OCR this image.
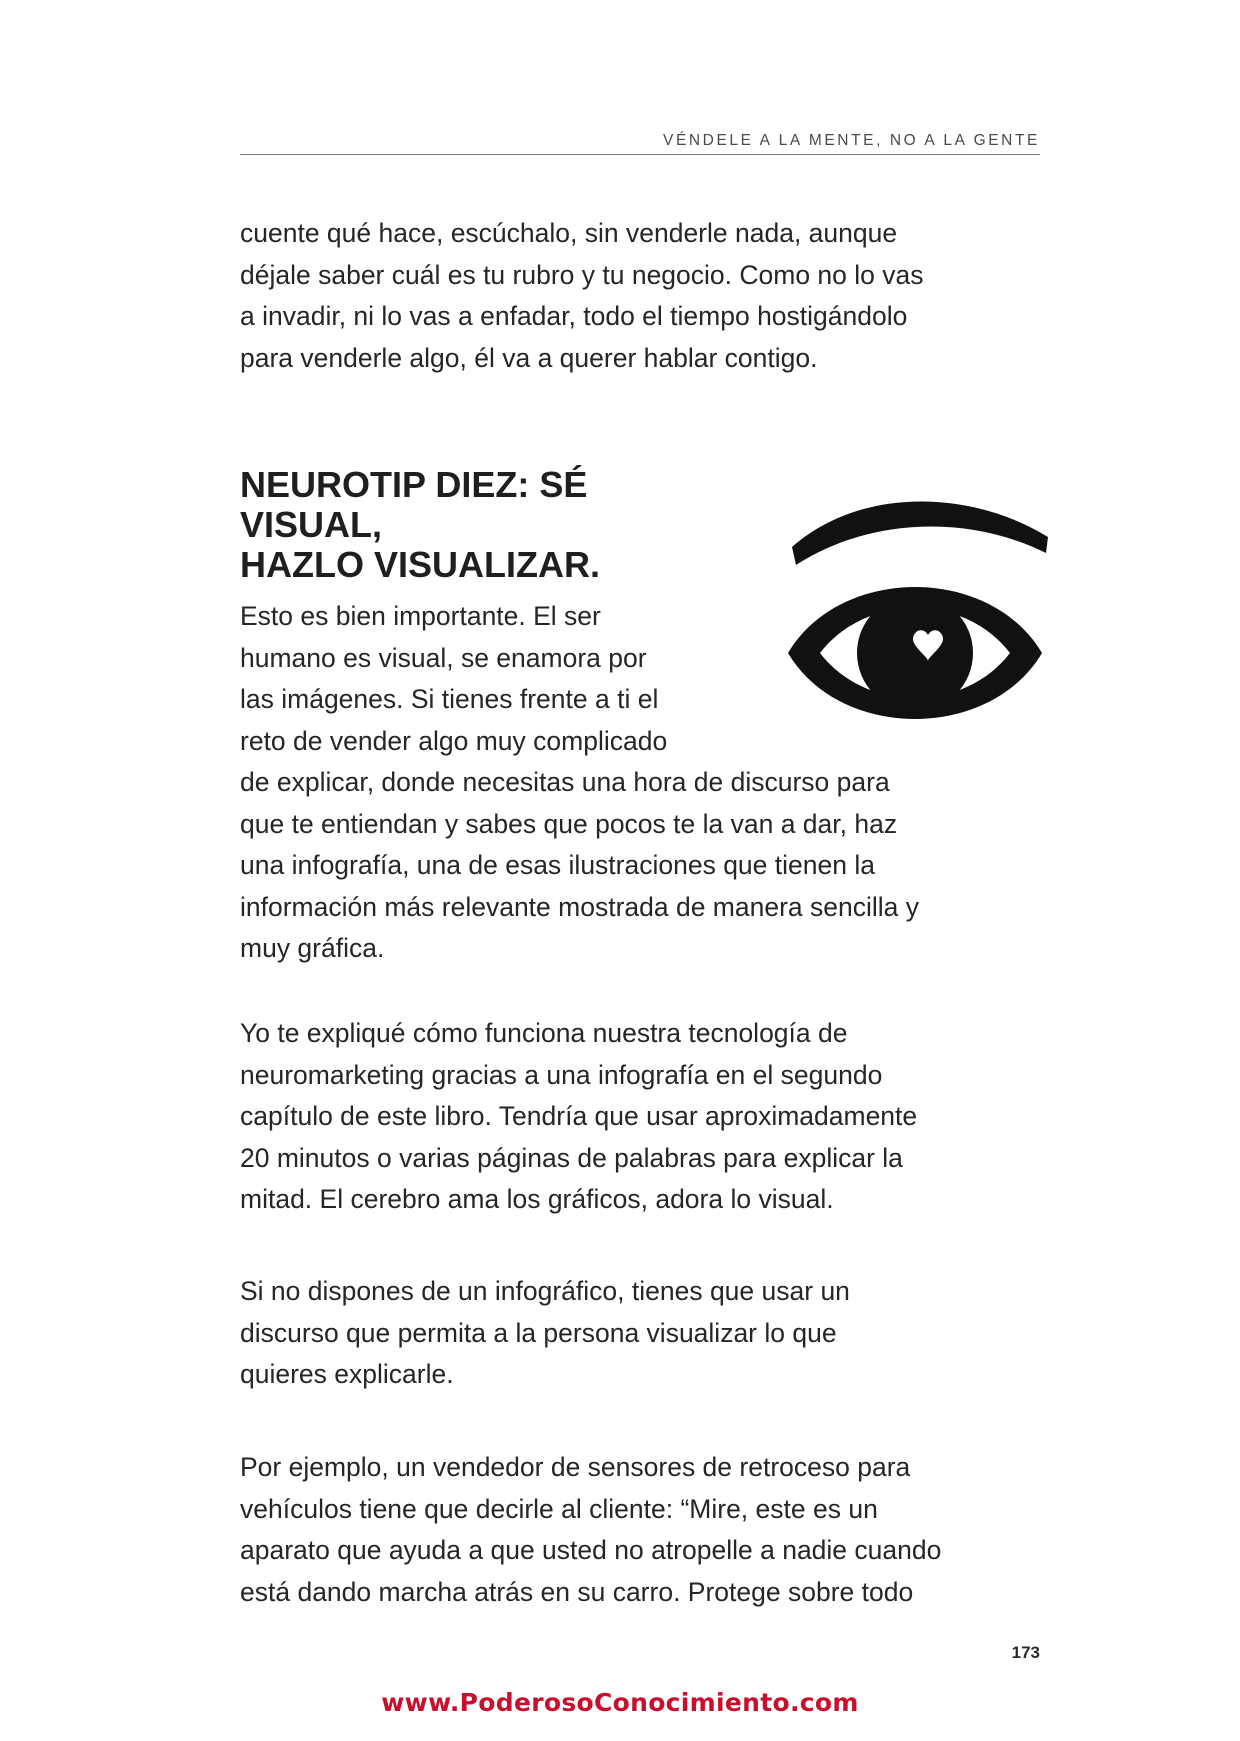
VÉNDELE A LA MENTE, NO A LA GENTE

cuente qué hace, escúchalo, sin venderle nada, aunque
déjale saber cuál es tu rubro y tu negocio. Como no lo vas
a invadir, ni lo vas a enfadar, todo el tiempo hostigándolo
para venderle algo, él va a querer hablar contigo.

NEUROTIP DIEZ: SÉ
VISUAL,
HAZLO VISUALIZAR.

Esto es bien importante. El ser
humano es visual, se enamora por
las imágenes. Si tienes frente a ti el
reto de vender algo muy complicado
de explicar, donde necesitas una hora de discurso para
que te entiendan y sabes que pocos te la van a dar, haz
una infografía, una de esas ilustraciones que tienen la
información más relevante mostrada de manera sencilla y
muy gráfica.

Yo te expliqué cómo funciona nuestra tecnología de
neuromarketing gracias a una infografía en el segundo
capítulo de este libro. Tendría que usar aproximadamente
20 minutos o varias páginas de palabras para explicar la
mitad. El cerebro ama los gráficos, adora lo visual.

Si no dispones de un infográfico, tienes que usar un
discurso que permita a la persona visualizar lo que
quieres explicarle.

Por ejemplo, un vendedor de sensores de retroceso para
vehículos tiene que decirle al cliente: “Mire, este es un
aparato que ayuda a que usted no atropelle a nadie cuando
está dando marcha atrás en su carro. Protege sobre todo

173
www.PoderosoConocimiento.com
